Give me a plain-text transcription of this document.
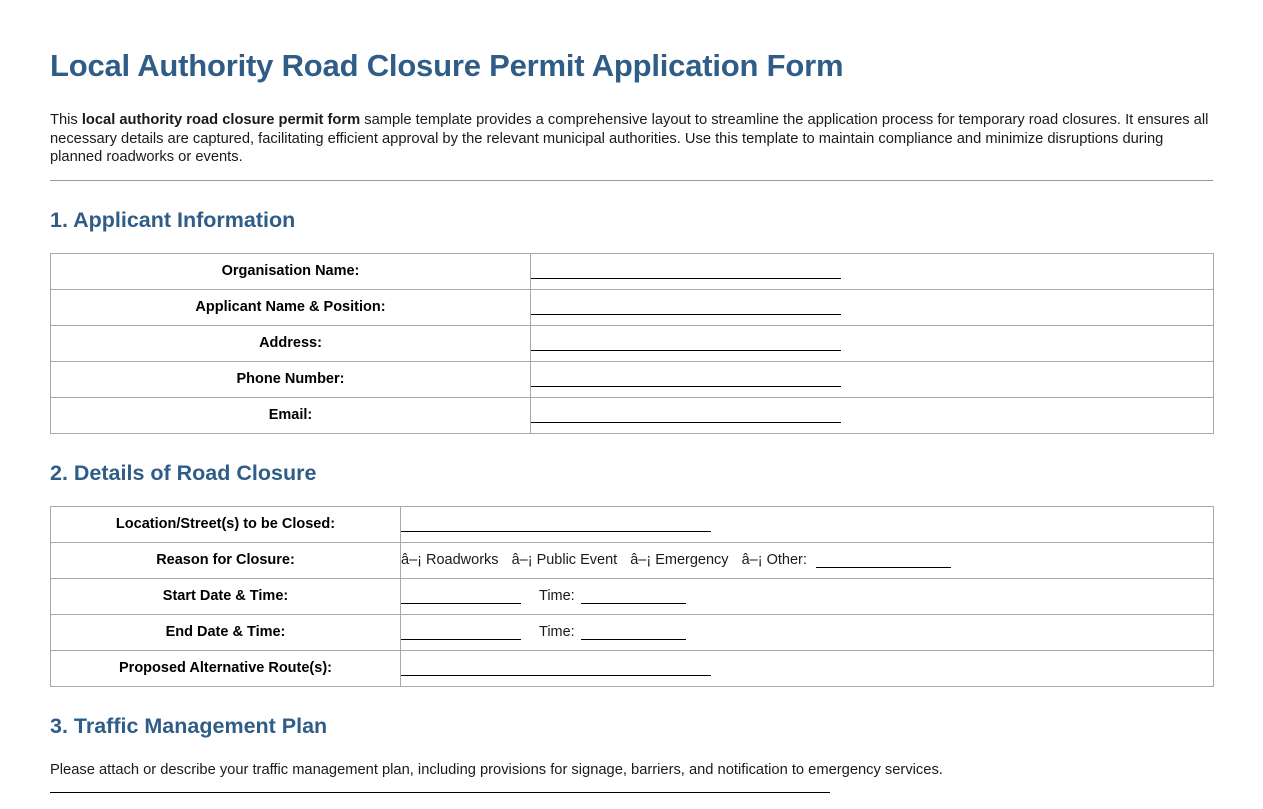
Local Authority Road Closure Permit Application Form

This local authority road closure permit form sample template provides a comprehensive layout to streamline the application process for temporary road closures. It ensures all necessary details are captured, facilitating efficient approval by the relevant municipal authorities. Use this template to maintain compliance and minimize disruptions during planned roadworks or events.

1. Applicant Information
Organisation Name:	
Applicant Name & Position:	
Address:	
Phone Number:	
Email:	
2. Details of Road Closure
Location/Street(s) to be Closed:	
Reason for Closure:	â–¡ Roadworks â–¡ Public Event â–¡ Emergency â–¡ Other:
Start Date & Time:	Time:
End Date & Time:	Time:
Proposed Alternative Route(s):	
3. Traffic Management Plan

Please attach or describe your traffic management plan, including provisions for signage, barriers, and notification to emergency services.
